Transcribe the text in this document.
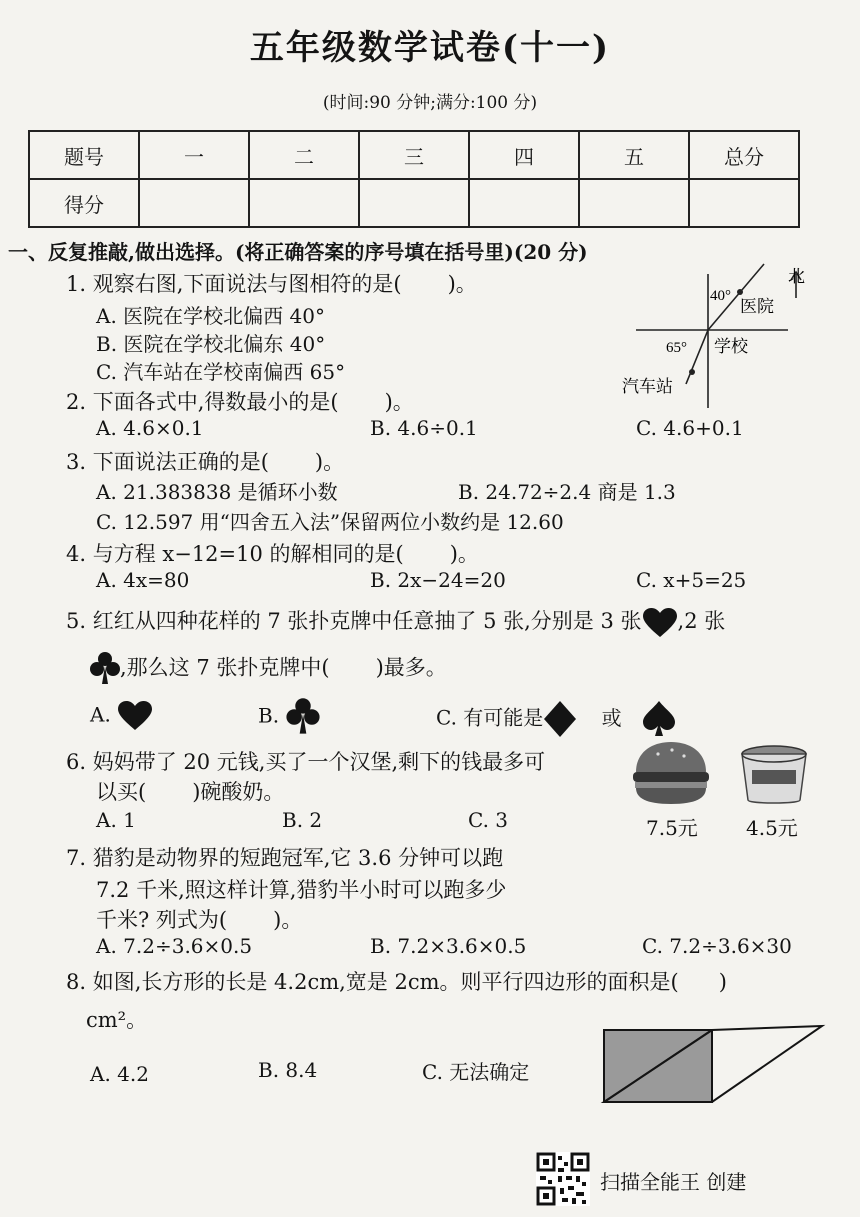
五年级数学试卷(十一)
(时间:90 分钟;满分:100 分)
题号	一	二	三	四	五	总分
得分						
一、反复推敲,做出选择。(将正确答案的序号填在括号里)(20 分)
1. 观察右图,下面说法与图相符的是( )。
A. 医院在学校北偏西 40°
B. 医院在学校北偏东 40°
C. 汽车站在学校南偏西 65°
北
40°
医院
65° 学校
汽车站
2. 下面各式中,得数最小的是( )。
A. 4.6×0.1	B. 4.6÷0.1	C. 4.6+0.1
3. 下面说法正确的是( )。
A. 21.383838 是循环小数	B. 24.72÷2.4 商是 1.3
C. 12.597 用“四舍五入法”保留两位小数约是 12.60
4. 与方程 x−12=10 的解相同的是( )。
A. 4x=80	B. 2x−24=20	C. x+5=25
5. 红红从四种花样的 7 张扑克牌中任意抽了 5 张,分别是 3 张 ,2 张
,那么这 7 张扑克牌中( )最多。
A.	B.	C. 有可能是	或
6. 妈妈带了 20 元钱,买了一个汉堡,剩下的钱最多可
以买( )碗酸奶。
A. 1	B. 2	C. 3	7.5元 4.5元
7. 猎豹是动物界的短跑冠军,它 3.6 分钟可以跑
7.2 千米,照这样计算,猎豹半小时可以跑多少
千米? 列式为( )。
A. 7.2÷3.6×0.5	B. 7.2×3.6×0.5	C. 7.2÷3.6×30
8. 如图,长方形的长是 4.2cm,宽是 2cm。则平行四边形的面积是( )
cm²。
A. 4.2	B. 8.4	C. 无法确定
扫描全能王 创建
